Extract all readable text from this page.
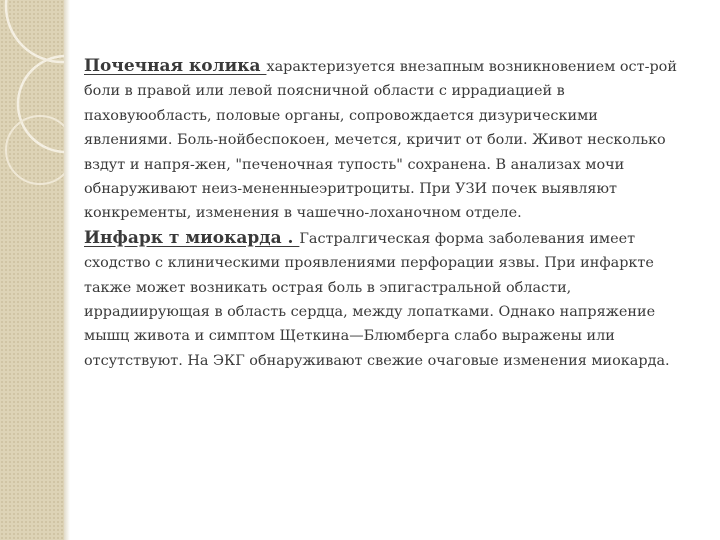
Почечная колика характеризуется внезапным возникновением ост-рой боли в правой или левой поясничной области с иррадиацией в паховуюобласть, половые органы, сопровождается дизурическими явлениями. Боль-нойбеспокоен, мечется, кричит от боли. Живот несколько вздут и напря-жен, "печеночная тупость" сохранена. В анализах мочи обнаруживают неиз-мененныеэритроциты. При УЗИ почек выявляют конкременты, изменения в чашечно-лоханочном отделе.

Инфарк т миокарда . Гастралгическая форма заболевания имеет сходство с клиническими проявлениями перфорации язвы. При инфаркте также может возникать острая боль в эпигастральной области, иррадиирующая в область сердца, между лопатками. Однако напряжение мышц живота и симптом Щеткина—Блюмберга слабо выражены или отсутствуют. На ЭКГ обнаруживают свежие очаговые изменения миокарда.
